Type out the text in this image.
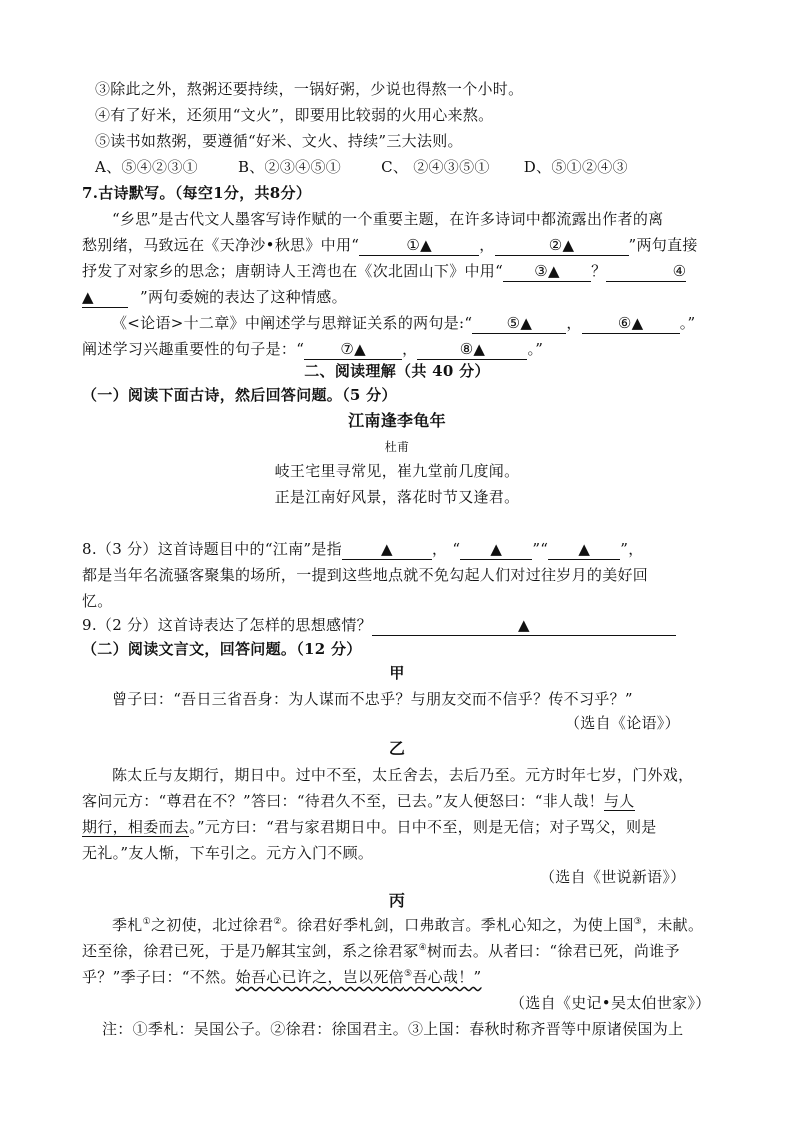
③除此之外，熬粥还要持续，一锅好粥，少说也得熬一个小时。
④有了好米，还须用“文火”，即要用比较弱的火用心来熬。
⑤读书如熬粥，要遵循“好米、文火、持续”三大法则。
A、⑤④②③①	B、②③④⑤①	C、 ②④③⑤① D、⑤①②④③
7.古诗默写。（每空1分，共8分）
“乡思”是古代文人墨客写诗作赋的一个重要主题，在许多诗词中都流露出作者的离
愁别绪，马致远在《天净沙•秋思》中用“	①▲	，	②▲	”两句直接
抒发了对家乡的思念；唐朝诗人王湾也在《次北固山下》中用“ ③▲ ？	④
▲	”两句委婉的表达了这种情感。
《<论语>十二章》中阐述学与思辩证关系的两句是:“ ⑤▲ ， ⑥▲ 。”
阐述学习兴趣重要性的句子是：“ ⑦▲ ，	⑧▲	。”
二、阅读理解（共 40 分）
（一）阅读下面古诗，然后回答问题。（5 分）
江南逢李龟年
杜甫
岐王宅里寻常见，崔九堂前几度闻。
正是江南好风景，落花时节又逢君。
8.（3 分）这首诗题目中的“江南”是指	▲	， “ ▲ ”“ ▲ ”，
都是当年名流骚客聚集的场所，一提到这些地点就不免勾起人们对过往岁月的美好回
忆。
9.（2 分）这首诗表达了怎样的思想感情？	▲
（二）阅读文言文，回答问题。（12 分）
甲
曾子曰：“吾日三省吾身：为人谋而不忠乎？与朋友交而不信乎？传不习乎？”
（选自《论语》）
乙
陈太丘与友期行，期日中。过中不至，太丘舍去，去后乃至。元方时年七岁，门外戏，
客问元方：“尊君在不？”答曰：“待君久不至，已去。”友人便怒曰：“非人哉！与人
期行，相委而去。”元方曰：“君与家君期日中。日中不至，则是无信；对子骂父，则是
无礼。”友人惭，下车引之。元方入门不顾。
（选自《世说新语》）
丙
季札①之初使，北过徐君②。徐君好季札剑，口弗敢言。季札心知之，为使上国③，未献。
还至徐，徐君已死，于是乃解其宝剑，系之徐君冢④树而去。从者曰：“徐君已死，尚谁予
乎？”季子曰：“不然。始吾心已许之，岂以死倍⑤吾心哉！”
（选自《史记•吴太伯世家》）
注：①季札：吴国公子。②徐君：徐国君主。③上国：春秋时称齐晋等中原诸侯国为上
